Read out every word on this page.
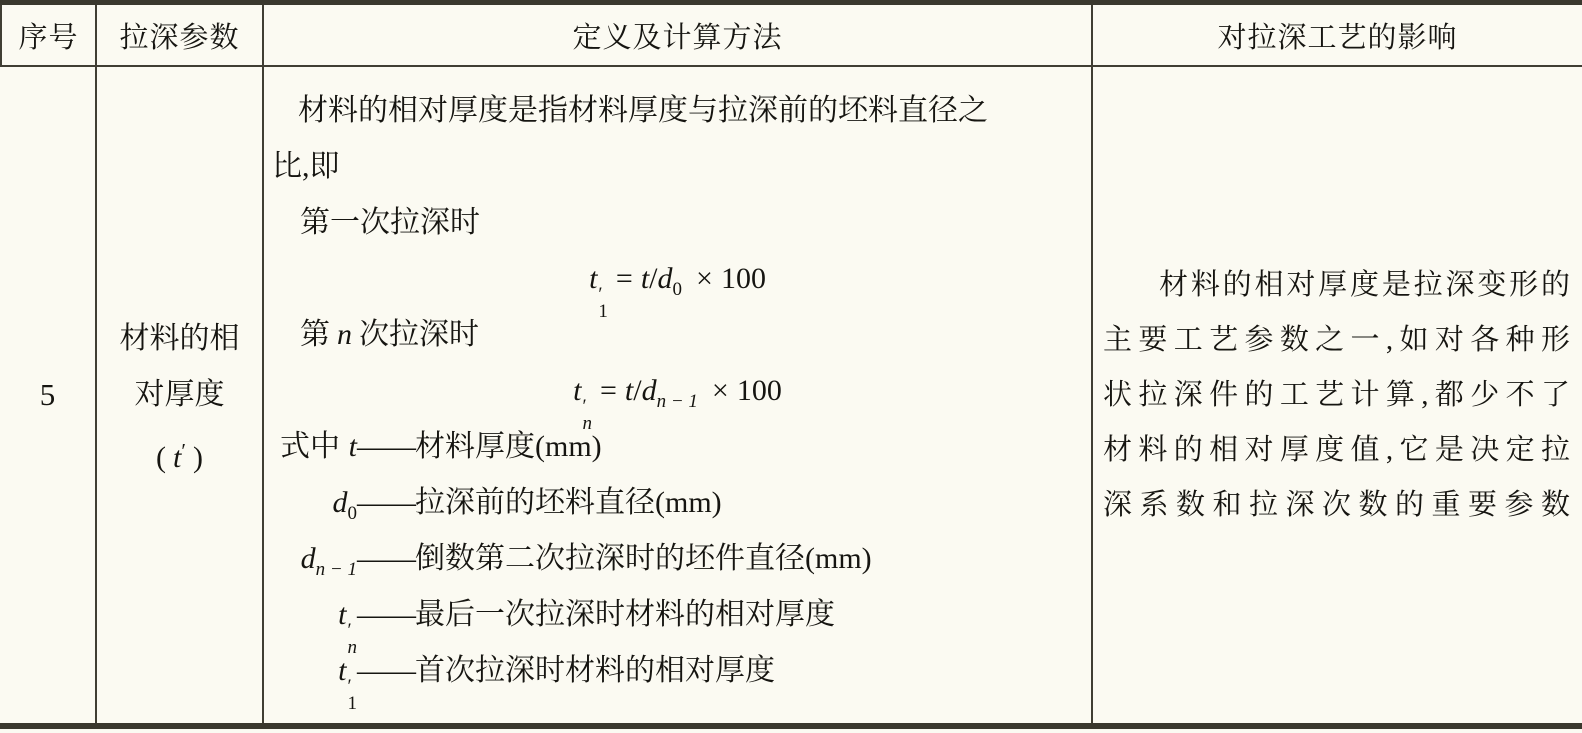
序号 拉深参数	定义及计算方法	对拉深工艺的影响
5
材料的相
对厚度
( t′ )
材料的相对厚度是指材料厚度与拉深前的坯料直径之
比,即
第一次拉深时
t ′
1
= $t/d_0 \times 100$
第 n 次拉深时
t ′
n
= $t/d_{n - 1} \times 100$
式中 t —— 材料厚度(mm)
$d_0$ —— 拉深前的坯料直径(mm)
$d_{n - 1}$ —— 倒数第二次拉深时的坯件直径(mm)
t ′
n
—— 最后一次拉深时材料的相对厚度
t ′
1
—— 首次拉深时材料的相对厚度
材料的相对厚度是拉深变形的
主要工艺参数之一,如对各种形
状拉深件的工艺计算,都少不了
材料的相对厚度值,它是决定拉
深系数和拉深次数的重要参数
